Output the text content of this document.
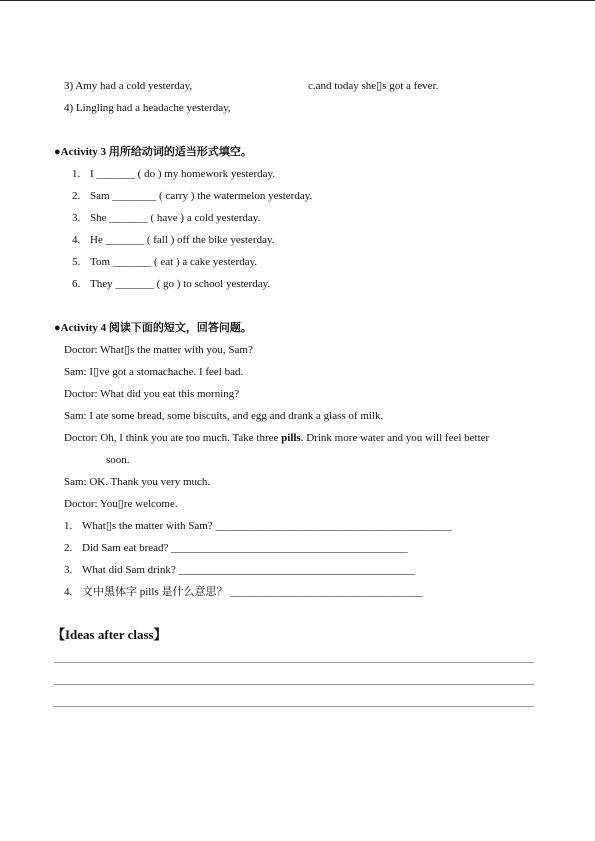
3) Amy had a cold yesterday,	c.and today she▯s got a fever.
4) Lingling had a headache yesterday,
●Activity 3 用所给动词的适当形式填空。
1. I _______ ( do ) my homework yesterday.
2. Sam ________ ( carry ) the watermelon yesterday.
3. She _______ ( have ) a cold yesterday.
4. He _______ ( fall ) off the bike yesterday.
5. Tom _______ ( eat ) a cake yesterday.
6. They _______ ( go ) to school yesterday.
●Activity 4 阅读下面的短文，回答问题。
Doctor: What▯s the matter with you, Sam?
Sam: I▯ve got a stomachache. I feel bad.
Doctor: What did you eat this morning?
Sam: I ate some bread, some biscuits, and egg and drank a glass of milk.
Doctor: Oh, I think you ate too much. Take three pills. Drink more water and you will feel better
soon.
Sam: OK. Thank you very much.
Doctor: You▯re welcome.
1. What▯s the matter with Sam? ___________________________________________
2. Did Sam eat bread? ___________________________________________
3. What did Sam drink? ___________________________________________
4. 文中黑体字 pills 是什么意思？ ___________________________________
【Ideas after class】
